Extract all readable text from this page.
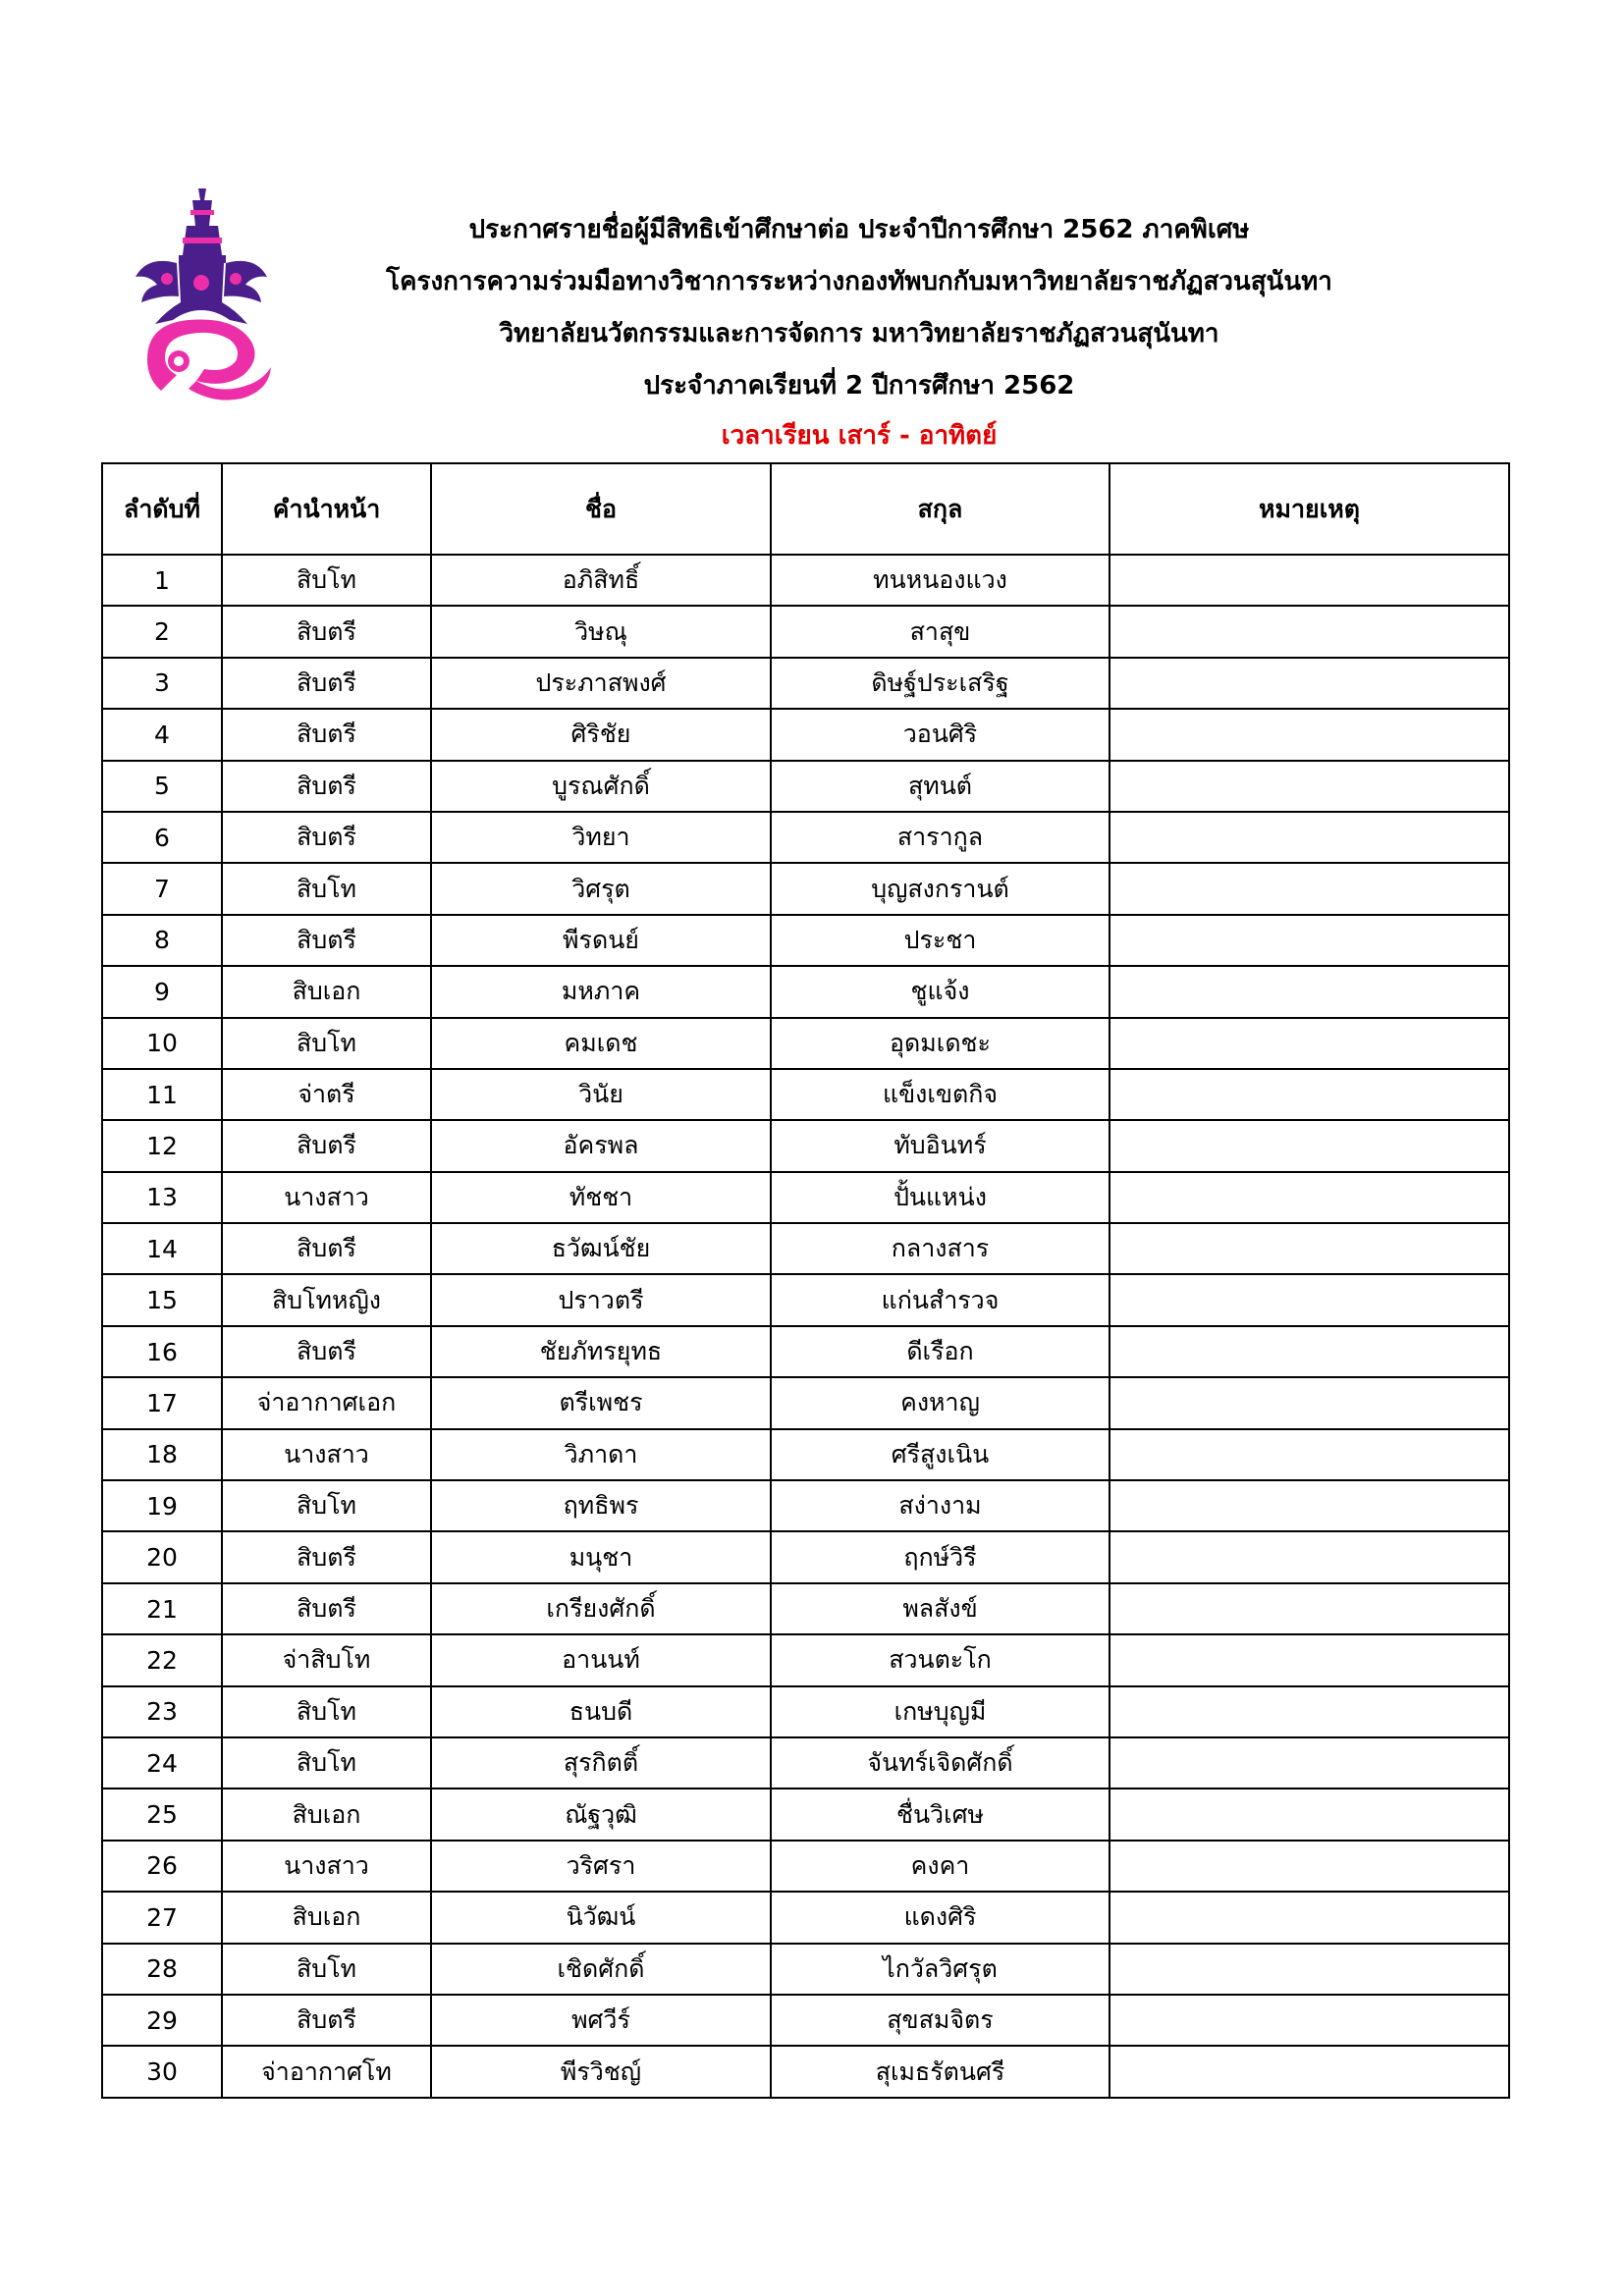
ประกาศรายชื่อผู้มีสิทธิเข้าศึกษาต่อ ประจำปีการศึกษา 2562 ภาคพิเศษ
โครงการความร่วมมือทางวิชาการระหว่างกองทัพบกกับมหาวิทยาลัยราชภัฏสวนสุนันทา
วิทยาลัยนวัตกรรมและการจัดการ มหาวิทยาลัยราชภัฏสวนสุนันทา
ประจำภาคเรียนที่ 2 ปีการศึกษา 2562
เวลาเรียน เสาร์ - อาทิตย์
ลำดับที่	คำนำหน้า	ชื่อ	สกุล	หมายเหตุ
1	สิบโท	อภิสิทธิ์	ทนหนองแวง	
2	สิบตรี	วิษณุ	สาสุข	
3	สิบตรี	ประภาสพงศ์	ดิษฐ์ประเสริฐ	
4	สิบตรี	ศิริชัย	วอนศิริ	
5	สิบตรี	บูรณศักดิ์	สุทนต์	
6	สิบตรี	วิทยา	สารากูล	
7	สิบโท	วิศรุต	บุญสงกรานต์	
8	สิบตรี	พีรดนย์	ประชา	
9	สิบเอก	มหภาค	ชูแจ้ง	
10	สิบโท	คมเดช	อุดมเดชะ	
11	จ่าตรี	วินัย	แข็งเขตกิจ	
12	สิบตรี	อัครพล	ทับอินทร์	
13	นางสาว	ทัชชา	ปั้นแหน่ง	
14	สิบตรี	ธวัฒน์ชัย	กลางสาร	
15	สิบโทหญิง	ปราวตรี	แก่นสำรวจ	
16	สิบตรี	ชัยภัทรยุทธ	ดีเรือก	
17	จ่าอากาศเอก	ตรีเพชร	คงหาญ	
18	นางสาว	วิภาดา	ศรีสูงเนิน	
19	สิบโท	ฤทธิพร	สง่างาม	
20	สิบตรี	มนุชา	ฤกษ์วิรี	
21	สิบตรี	เกรียงศักดิ์	พลสังข์	
22	จ่าสิบโท	อานนท์	สวนตะโก	
23	สิบโท	ธนบดี	เกษบุญมี	
24	สิบโท	สุรกิตติ์	จันทร์เจิดศักดิ์	
25	สิบเอก	ณัฐวุฒิ	ชื่นวิเศษ	
26	นางสาว	วริศรา	คงคา	
27	สิบเอก	นิวัฒน์	แดงศิริ	
28	สิบโท	เชิดศักดิ์	ไกวัลวิศรุต	
29	สิบตรี	พศวีร์	สุขสมจิตร	
30	จ่าอากาศโท	พีรวิชญ์	สุเมธรัตนศรี	
